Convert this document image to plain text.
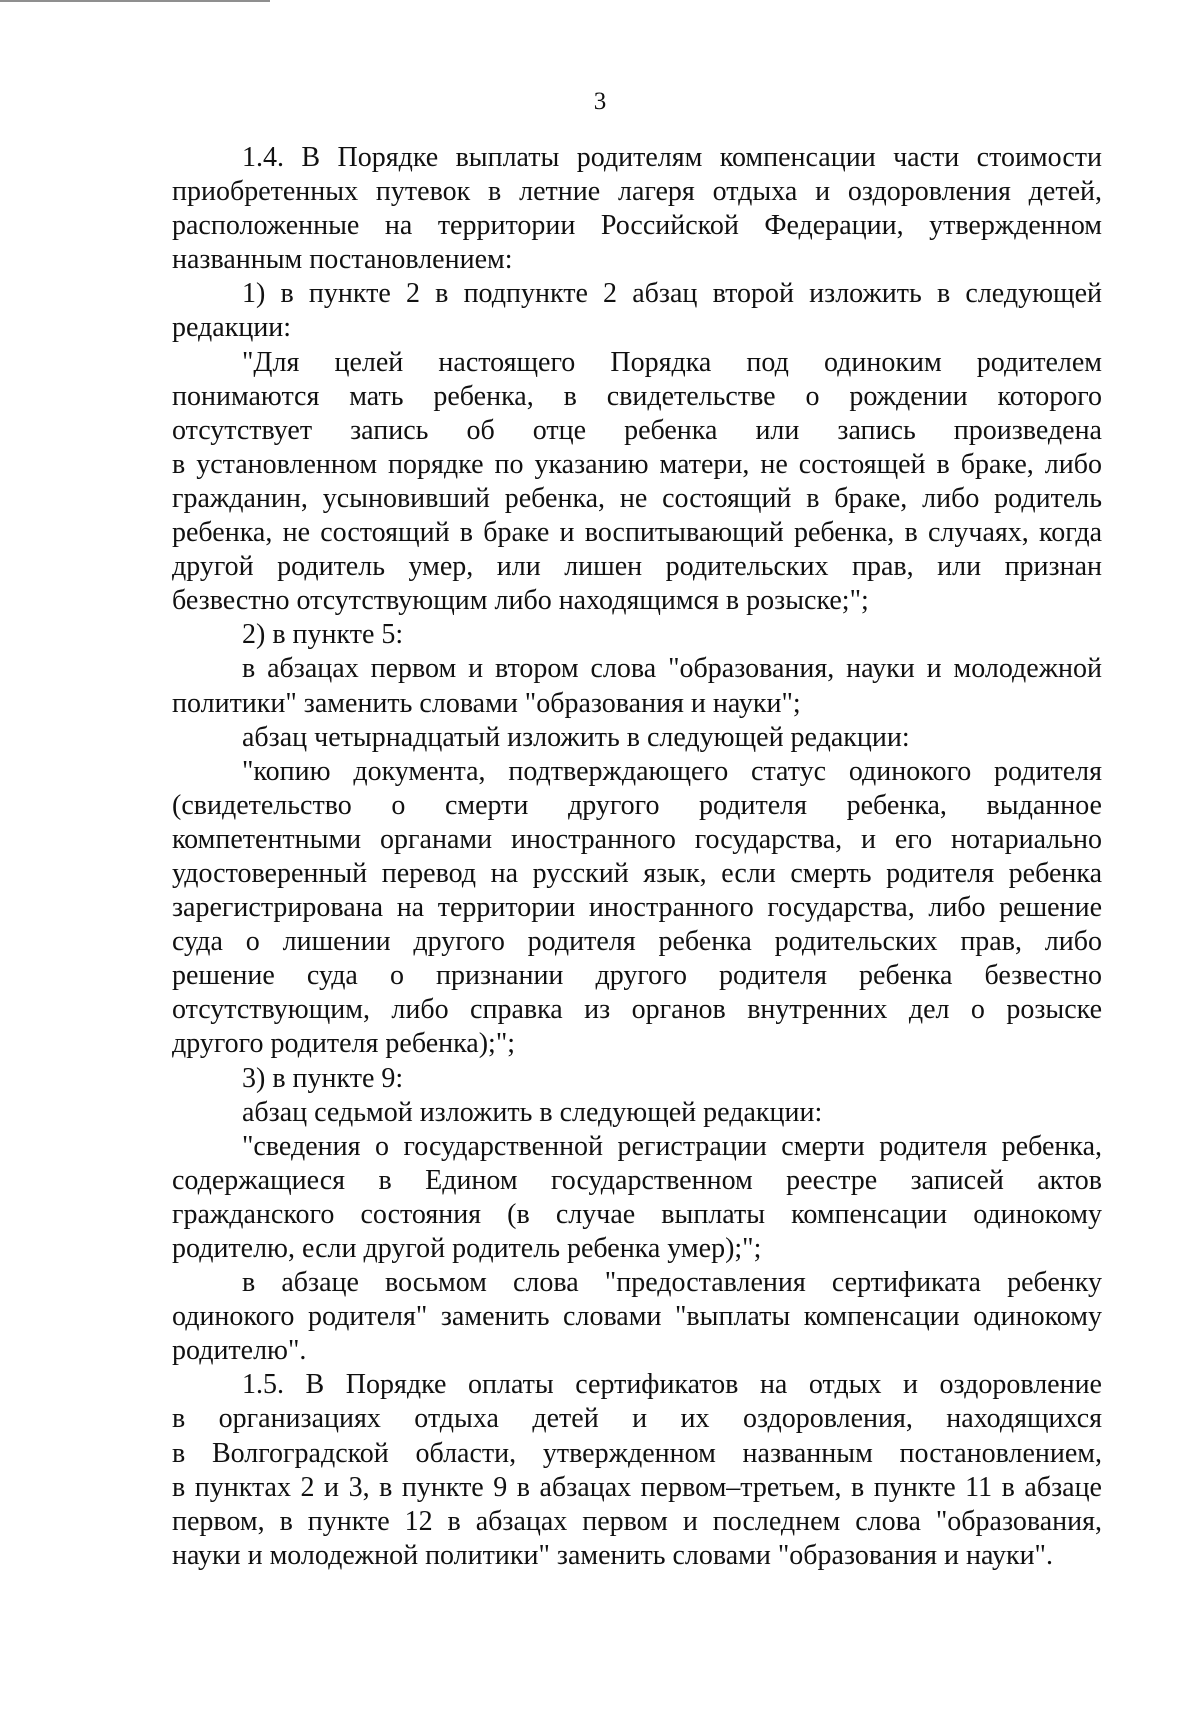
3
1.4. В Порядке выплаты родителям компенсации части стоимости
приобретенных путевок в летние лагеря отдыха и оздоровления детей,
расположенные на территории Российской Федерации, утвержденном
названным постановлением:
1) в пункте 2 в подпункте 2 абзац второй изложить в следующей
редакции:
"Для целей настоящего Порядка под одиноким родителем
понимаются мать ребенка, в свидетельстве о рождении которого
отсутствует запись об отце ребенка или запись произведена
в установленном порядке по указанию матери, не состоящей в браке, либо
гражданин, усыновивший ребенка, не состоящий в браке, либо родитель
ребенка, не состоящий в браке и воспитывающий ребенка, в случаях, когда
другой родитель умер, или лишен родительских прав, или признан
безвестно отсутствующим либо находящимся в розыске;";
2) в пункте 5:
в абзацах первом и втором слова "образования, науки и молодежной
политики" заменить словами "образования и науки";
абзац четырнадцатый изложить в следующей редакции:
"копию документа, подтверждающего статус одинокого родителя
(свидетельство о смерти другого родителя ребенка, выданное
компетентными органами иностранного государства, и его нотариально
удостоверенный перевод на русский язык, если смерть родителя ребенка
зарегистрирована на территории иностранного государства, либо решение
суда о лишении другого родителя ребенка родительских прав, либо
решение суда о признании другого родителя ребенка безвестно
отсутствующим, либо справка из органов внутренних дел о розыске
другого родителя ребенка);";
3) в пункте 9:
абзац седьмой изложить в следующей редакции:
"сведения о государственной регистрации смерти родителя ребенка,
содержащиеся в Едином государственном реестре записей актов
гражданского состояния (в случае выплаты компенсации одинокому
родителю, если другой родитель ребенка умер);";
в абзаце восьмом слова "предоставления сертификата ребенку
одинокого родителя" заменить словами "выплаты компенсации одинокому
родителю".
1.5. В Порядке оплаты сертификатов на отдых и оздоровление
в организациях отдыха детей и их оздоровления, находящихся
в Волгоградской области, утвержденном названным постановлением,
в пунктах 2 и 3, в пункте 9 в абзацах первом–третьем, в пункте 11 в абзаце
первом, в пункте 12 в абзацах первом и последнем слова "образования,
науки и молодежной политики" заменить словами "образования и науки".
